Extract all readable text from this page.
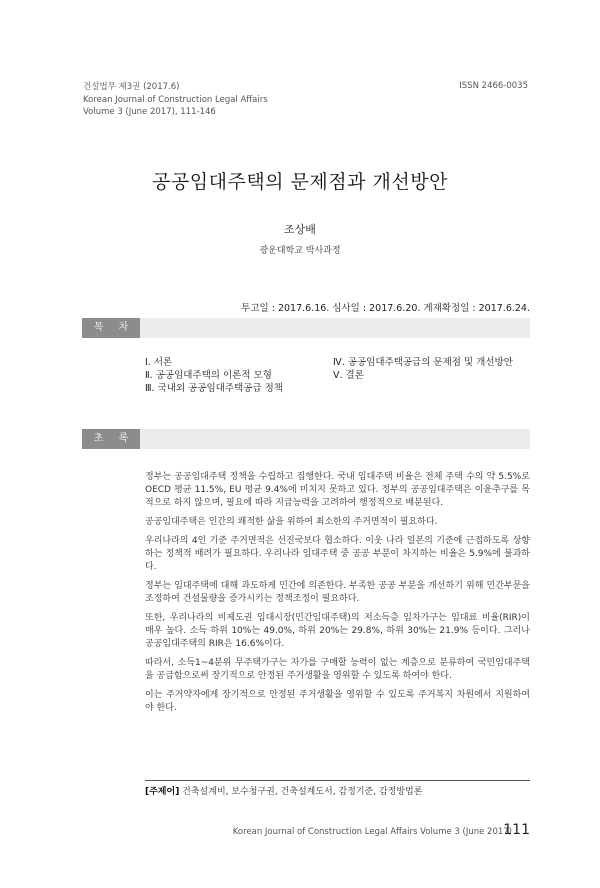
건설법무 제3권 (2017.6)
Korean Journal of Construction Legal Affairs
Volume 3 (June 2017), 111-146
ISSN 2466-0035
공공임대주택의 문제점과 개선방안
조상배
광운대학교 박사과정
투고일 : 2017.6.16. 심사일 : 2017.6.20. 게재확정일 : 2017.6.24.
목 차
Ⅰ. 서론
Ⅱ. 공공임대주택의 이론적 모형
Ⅲ. 국내외 공공임대주택공급 정책
Ⅳ. 공공임대주택공급의 문제점 및 개선방안
Ⅴ. 결론
초 록

정부는 공공임대주택 정책을 수립하고 집행한다. 국내 임대주택 비율은 전체 주택 수의 약 5.5%로 OECD 평균 11.5%, EU 평균 9.4%에 미치지 못하고 있다. 정부의 공공임대주택은 이윤추구를 목적으로 하지 않으며, 필요에 따라 지급능력을 고려하여 행정적으로 배분된다.

공공임대주택은 인간의 쾌적한 삶을 위하여 최소한의 주거면적이 필요하다.

우리나라의 4인 기준 주거면적은 선진국보다 협소하다. 이웃 나라 일본의 기준에 근접하도록 상향하는 정책적 배려가 필요하다. 우리나라 임대주택 중 공공 부분이 차지하는 비율은 5.9%에 불과하다.

정부는 임대주택에 대해 과도하게 민간에 의존한다. 부족한 공공 부분을 개선하기 위해 민간부문을 조정하여 건설물량을 증가시키는 정책조정이 필요하다.

또한, 우리나라의 비제도권 임대시장(민간임대주택)의 저소득층 임차가구는 임대료 비율(RIR)이 매우 높다. 소득 하위 10%는 49.0%, 하위 20%는 29.8%, 하위 30%는 21.9% 등이다. 그러나 공공임대주택의 RIR은 16.6%이다.

따라서, 소득1~4분위 무주택가구는 자가를 구매할 능력이 없는 계층으로 분류하여 국민임대주택을 공급함으로써 장기적으로 안정된 주거생활을 영위할 수 있도록 하여야 한다.

이는 주거약자에게 장기적으로 안정된 주거생활을 영위할 수 있도록 주거복지 차원에서 지원하여야 한다.

[주제어] 건축설계비, 보수청구권, 건축설계도서, 감정기준, 감정방법론
Korean Journal of Construction Legal Affairs Volume 3 (June 2017)
111
